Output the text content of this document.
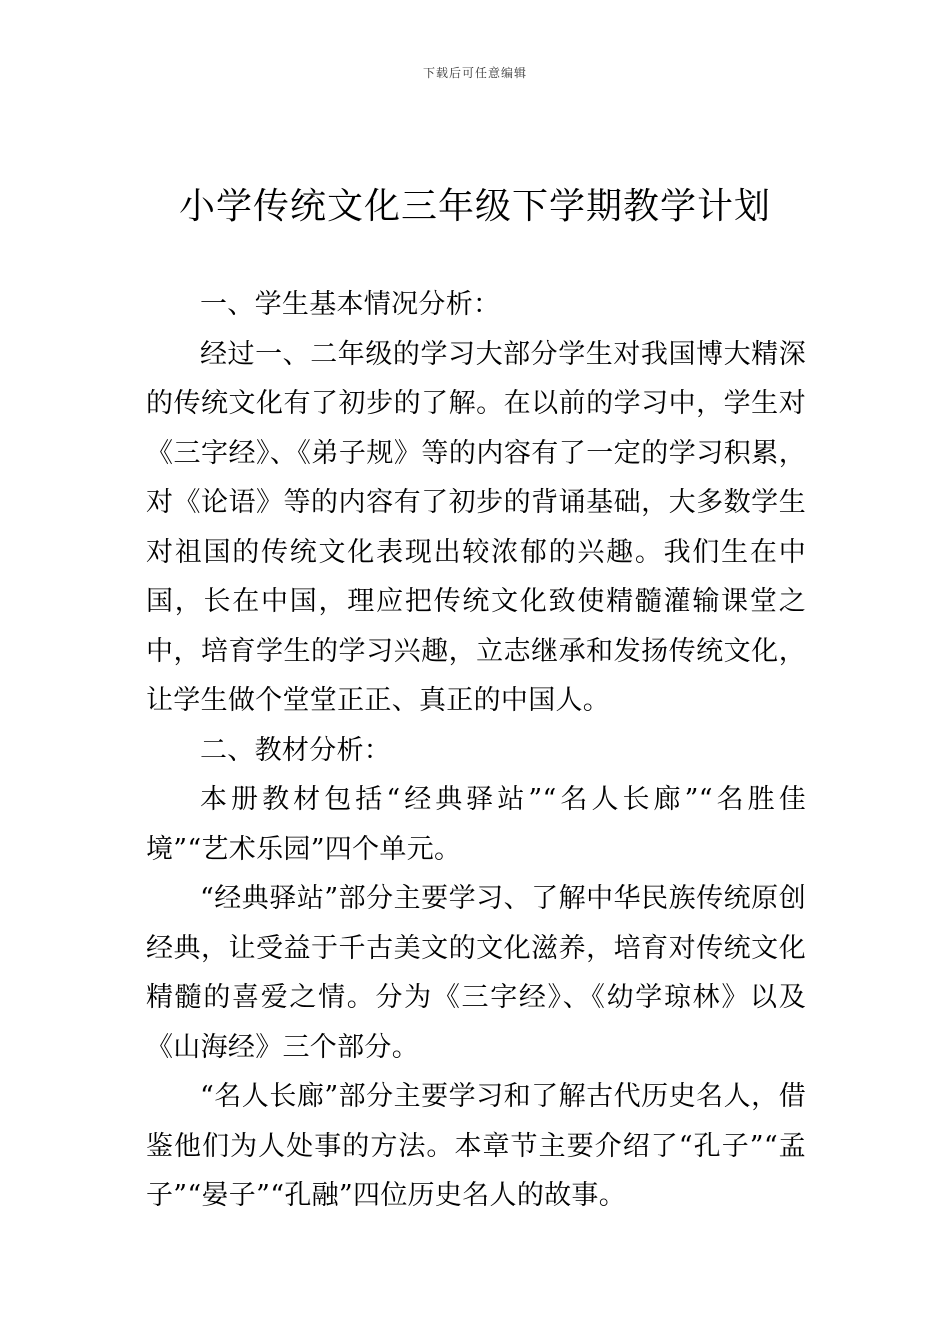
下载后可任意编辑
小学传统文化三年级下学期教学计划

一、学生基本情况分析：

经过一、二年级的学习大部分学生对我国博大精深的传统文化有了初步的了解。在以前的学习中，学生对《三字经》、《弟子规》等的内容有了一定的学习积累，对《论语》等的内容有了初步的背诵基础，大多数学生对祖国的传统文化表现出较浓郁的兴趣。我们生在中国，长在中国，理应把传统文化致使精髓灌输课堂之中，培育学生的学习兴趣，立志继承和发扬传统文化，让学生做个堂堂正正、真正的中国人。

二、教材分析：

本册教材包括“经典驿站”“名人长廊”“名胜佳境”“艺术乐园”四个单元。

“经典驿站”部分主要学习、了解中华民族传统原创经典，让受益于千古美文的文化滋养，培育对传统文化精髓的喜爱之情。分为《三字经》、《幼学琼林》以及《山海经》三个部分。

“名人长廊”部分主要学习和了解古代历史名人，借鉴他们为人处事的方法。本章节主要介绍了“孔子”“孟子”“晏子”“孔融”四位历史名人的故事。
